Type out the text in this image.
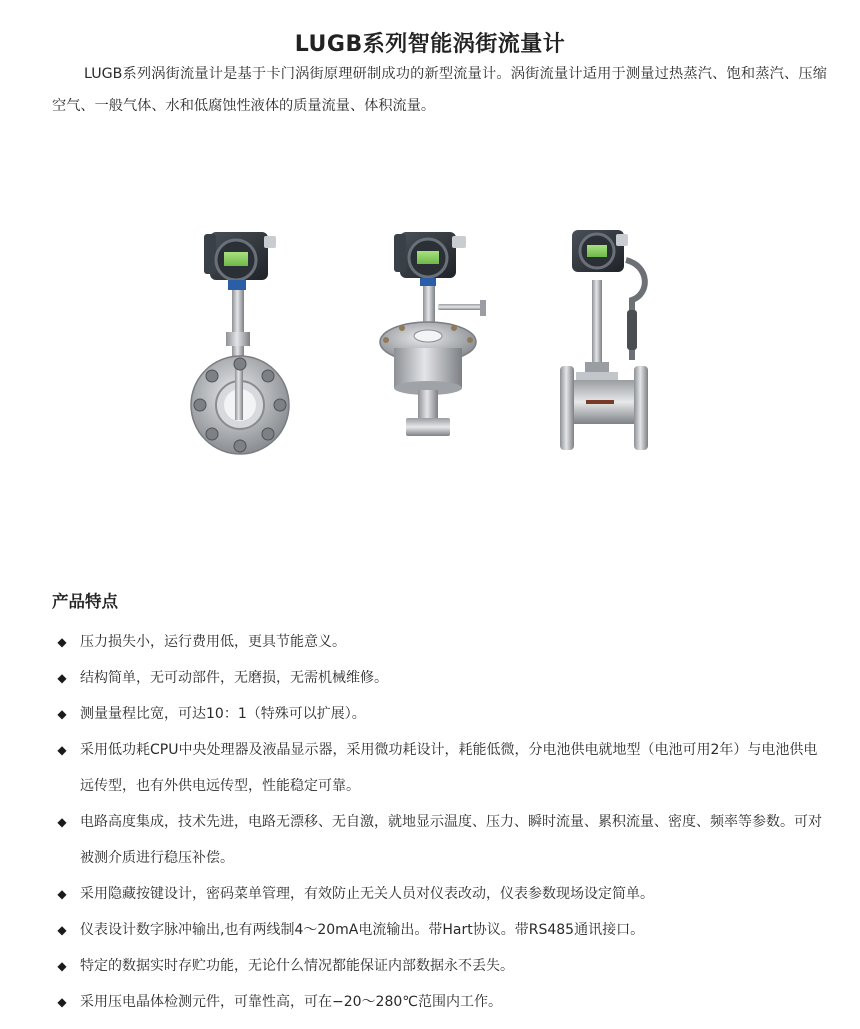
LUGB系列智能涡街流量计

LUGB系列涡街流量计是基于卡门涡街原理研制成功的新型流量计。涡街流量计适用于测量过热蒸汽、饱和蒸汽、压缩空气、一般气体、水和低腐蚀性液体的质量流量、体积流量。

产品特点
◆ 压力损失小，运行费用低，更具节能意义。
◆ 结构简单，无可动部件，无磨损，无需机械维修。
◆ 测量量程比宽，可达10：1（特殊可以扩展）。
◆ 采用低功耗CPU中央处理器及液晶显示器，采用微功耗设计，耗能低微，分电池供电就地型（电池可用2年）与电池供电远传型，也有外供电远传型，性能稳定可靠。
◆ 电路高度集成，技术先进，电路无漂移、无自激，就地显示温度、压力、瞬时流量、累积流量、密度、频率等参数。可对被测介质进行稳压补偿。
◆ 采用隐藏按键设计，密码菜单管理，有效防止无关人员对仪表改动，仪表参数现场设定简单。
◆ 仪表设计数字脉冲输出,也有两线制4～20mA电流输出。带Hart协议。带RS485通讯接口。
◆ 特定的数据实时存贮功能，无论什么情况都能保证内部数据永不丢失。
◆ 采用压电晶体检测元件，可靠性高，可在−20～280℃范围内工作。
